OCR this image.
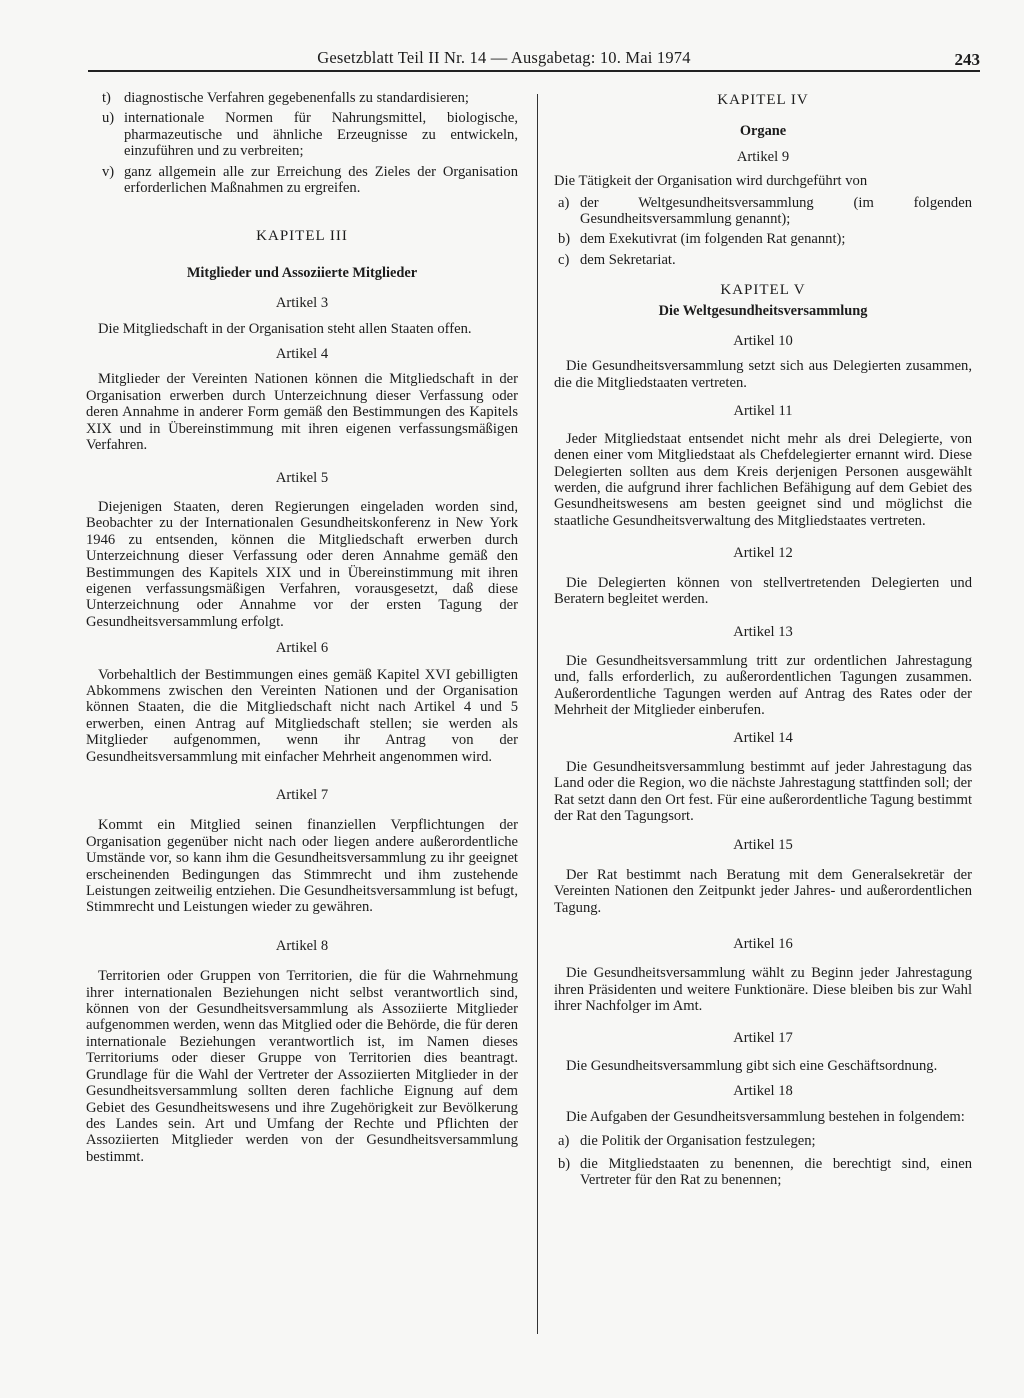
Gesetzblatt Teil II Nr. 14 — Ausgabetag: 10. Mai 1974	243
t) diagnostische Verfahren gegebenenfalls zu standardisieren;
u) internationale Normen für Nahrungsmittel, biologische, pharmazeutische und ähnliche Erzeugnisse zu entwickeln, einzuführen und zu verbreiten;
v) ganz allgemein alle zur Erreichung des Zieles der Organisation erforderlichen Maßnahmen zu ergreifen.
KAPITEL III
Mitglieder und Assoziierte Mitglieder
Artikel 3

Die Mitgliedschaft in der Organisation steht allen Staaten offen.

Artikel 4

Mitglieder der Vereinten Nationen können die Mitgliedschaft in der Organisation erwerben durch Unterzeichnung dieser Verfassung oder deren Annahme in anderer Form gemäß den Bestimmungen des Kapitels XIX und in Übereinstimmung mit ihren eigenen verfassungsmäßigen Verfahren.

Artikel 5

Diejenigen Staaten, deren Regierungen eingeladen worden sind, Beobachter zu der Internationalen Gesundheitskonferenz in New York 1946 zu entsenden, können die Mitgliedschaft erwerben durch Unterzeichnung dieser Verfassung oder deren Annahme gemäß den Bestimmungen des Kapitels XIX und in Übereinstimmung mit ihren eigenen verfassungsmäßigen Verfahren, vorausgesetzt, daß diese Unterzeichnung oder Annahme vor der ersten Tagung der Gesundheitsversammlung erfolgt.

Artikel 6

Vorbehaltlich der Bestimmungen eines gemäß Kapitel XVI gebilligten Abkommens zwischen den Vereinten Nationen und der Organisation können Staaten, die die Mitgliedschaft nicht nach Artikel 4 und 5 erwerben, einen Antrag auf Mitgliedschaft stellen; sie werden als Mitglieder aufgenommen, wenn ihr Antrag von der Gesundheitsversammlung mit einfacher Mehrheit angenommen wird.

Artikel 7

Kommt ein Mitglied seinen finanziellen Verpflichtungen der Organisation gegenüber nicht nach oder liegen andere außerordentliche Umstände vor, so kann ihm die Gesundheitsversammlung zu ihr geeignet erscheinenden Bedingungen das Stimmrecht und ihm zustehende Leistungen zeitweilig entziehen. Die Gesundheitsversammlung ist befugt, Stimmrecht und Leistungen wieder zu gewähren.

Artikel 8

Territorien oder Gruppen von Territorien, die für die Wahrnehmung ihrer internationalen Beziehungen nicht selbst verantwortlich sind, können von der Gesundheitsversammlung als Assoziierte Mitglieder aufgenommen werden, wenn das Mitglied oder die Behörde, die für deren internationale Beziehungen verantwortlich ist, im Namen dieses Territoriums oder dieser Gruppe von Territorien dies beantragt. Grundlage für die Wahl der Vertreter der Assoziierten Mitglieder in der Gesundheitsversammlung sollten deren fachliche Eignung auf dem Gebiet des Gesundheitswesens und ihre Zugehörigkeit zur Bevölkerung des Landes sein. Art und Umfang der Rechte und Pflichten der Assoziierten Mitglieder werden von der Gesundheitsversammlung bestimmt.

KAPITEL IV
Organe
Artikel 9

Die Tätigkeit der Organisation wird durchgeführt von

a) der Weltgesundheitsversammlung (im folgenden Gesundheitsversammlung genannt);
b) dem Exekutivrat (im folgenden Rat genannt);
c) dem Sekretariat.
KAPITEL V
Die Weltgesundheitsversammlung
Artikel 10

Die Gesundheitsversammlung setzt sich aus Delegierten zusammen, die die Mitgliedstaaten vertreten.

Artikel 11

Jeder Mitgliedstaat entsendet nicht mehr als drei Delegierte, von denen einer vom Mitgliedstaat als Chefdelegierter ernannt wird. Diese Delegierten sollten aus dem Kreis derjenigen Personen ausgewählt werden, die aufgrund ihrer fachlichen Befähigung auf dem Gebiet des Gesundheitswesens am besten geeignet sind und möglichst die staatliche Gesundheitsverwaltung des Mitgliedstaates vertreten.

Artikel 12

Die Delegierten können von stellvertretenden Delegierten und Beratern begleitet werden.

Artikel 13

Die Gesundheitsversammlung tritt zur ordentlichen Jahrestagung und, falls erforderlich, zu außerordentlichen Tagungen zusammen. Außerordentliche Tagungen werden auf Antrag des Rates oder der Mehrheit der Mitglieder einberufen.

Artikel 14

Die Gesundheitsversammlung bestimmt auf jeder Jahrestagung das Land oder die Region, wo die nächste Jahrestagung stattfinden soll; der Rat setzt dann den Ort fest. Für eine außerordentliche Tagung bestimmt der Rat den Tagungsort.

Artikel 15

Der Rat bestimmt nach Beratung mit dem Generalsekretär der Vereinten Nationen den Zeitpunkt jeder Jahres- und außerordentlichen Tagung.

Artikel 16

Die Gesundheitsversammlung wählt zu Beginn jeder Jahrestagung ihren Präsidenten und weitere Funktionäre. Diese bleiben bis zur Wahl ihrer Nachfolger im Amt.

Artikel 17

Die Gesundheitsversammlung gibt sich eine Geschäftsordnung.

Artikel 18

Die Aufgaben der Gesundheitsversammlung bestehen in folgendem:

a) die Politik der Organisation festzulegen;
b) die Mitgliedstaaten zu benennen, die berechtigt sind, einen Vertreter für den Rat zu benennen;
